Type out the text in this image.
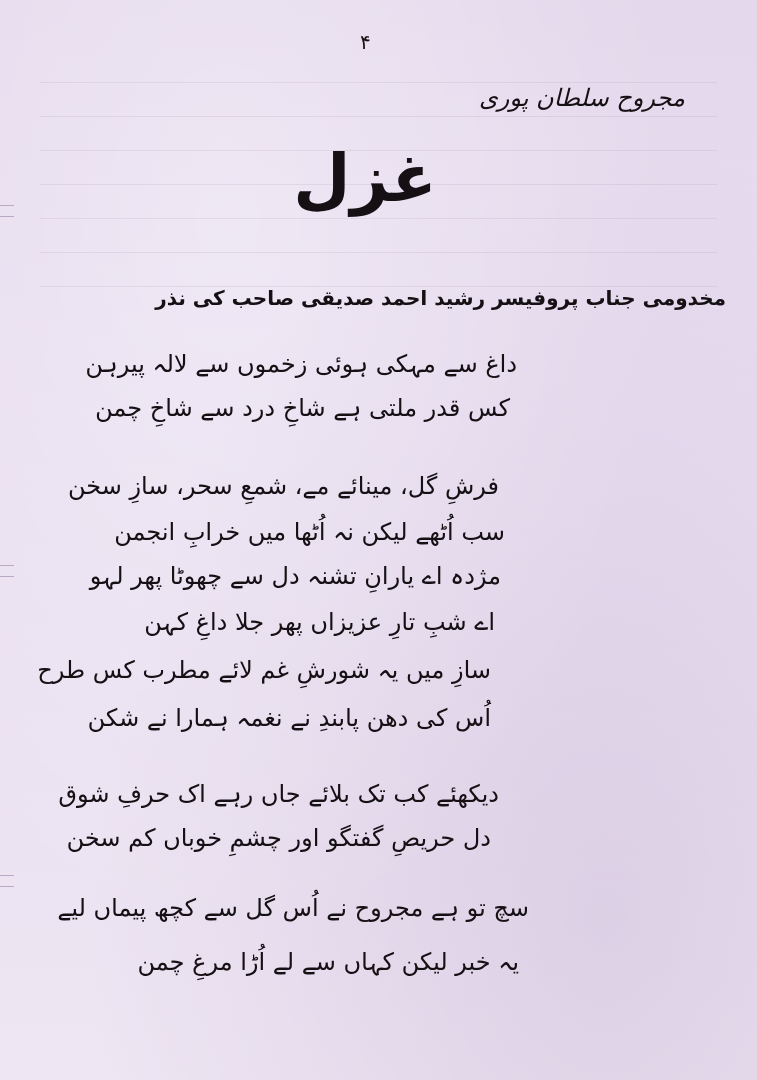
۴
مجروح سلطان پوری
غزل
مخدومی جناب پروفیسر رشید احمد صدیقی صاحب کی نذر
داغ سے مہکی ہوئی زخموں سے لالہ پیرہن
کس قدر ملتی ہے شاخِ درد سے شاخِ چمن
فرشِ گل، مینائے مے، شمعِ سحر، سازِ سخن
سب اُٹھے لیکن نہ اُٹھا میں خرابِ انجمن
مژدہ اے یارانِ تشنہ دل سے چھوٹا پھر لہو
اے شبِ تارِ عزیزاں پھر جلا داغِ کہن
سازِ میں یہ شورشِ غم لائے مطرب کس طرح
اُس کی دھن پابندِ نے نغمہ ہمارا نے شکن
دیکھئے کب تک بلائے جاں رہے اک حرفِ شوق
دل حریصِ گفتگو اور چشمِ خوباں کم سخن
سچ تو ہے مجروح نے اُس گل سے کچھ پیماں لیے
یہ خبر لیکن کہاں سے لے اُڑا مرغِ چمن
